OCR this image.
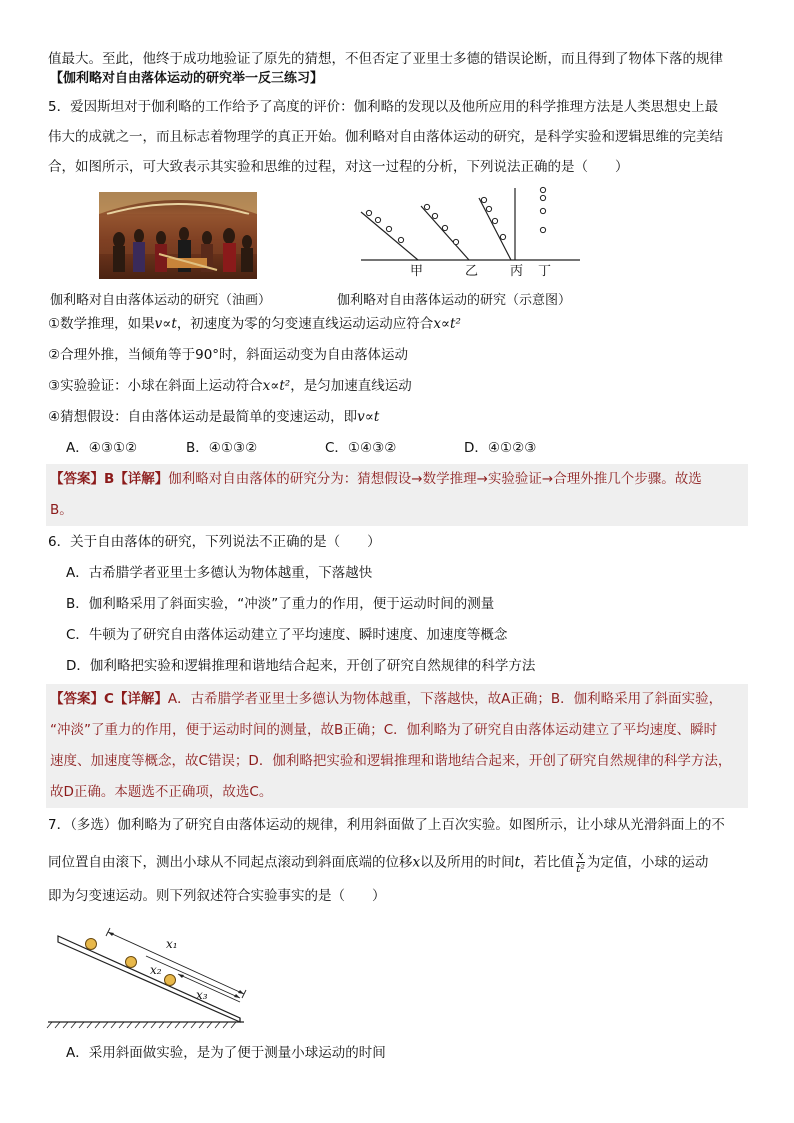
值最大。至此，他终于成功地验证了原先的猜想，不但否定了亚里士多德的错误论断，而且得到了物体下落的规律
【伽利略对自由落体运动的研究举一反三练习】
5．爱因斯坦对于伽利略的工作给予了高度的评价：伽利略的发现以及他所应用的科学推理方法是人类思想史上最
伟大的成就之一，而且标志着物理学的真正开始。伽利略对自由落体运动的研究，是科学实验和逻辑思维的完美结
合，如图所示，可大致表示其实验和思维的过程，对这一过程的分析，下列说法正确的是（　　）
甲	乙 丙 丁
伽利略对自由落体运动的研究（油画）	伽利略对自由落体运动的研究（示意图）
①数学推理，如果v∝t，初速度为零的匀变速直线运动运动应符合x∝t²
②合理外推，当倾角等于90°时，斜面运动变为自由落体运动
③实验验证：小球在斜面上运动符合x∝t²，是匀加速直线运动
④猜想假设：自由落体运动是最简单的变速运动，即v∝t
A．④③①②	B．④①③②	C．①④③②	D．④①②③
【答案】B【详解】伽利略对自由落体的研究分为：猜想假设→数学推理→实验验证→合理外推几个步骤。故选
B。
6．关于自由落体的研究，下列说法不正确的是（　　）
A．古希腊学者亚里士多德认为物体越重，下落越快
B．伽利略采用了斜面实验，“冲淡”了重力的作用，便于运动时间的测量
C．牛顿为了研究自由落体运动建立了平均速度、瞬时速度、加速度等概念
D．伽利略把实验和逻辑推理和谐地结合起来，开创了研究自然规律的科学方法
【答案】C【详解】A．古希腊学者亚里士多德认为物体越重，下落越快，故A正确；B．伽利略采用了斜面实验，
“冲淡”了重力的作用，便于运动时间的测量，故B正确；C．伽利略为了研究自由落体运动建立了平均速度、瞬时
速度、加速度等概念，故C错误；D．伽利略把实验和逻辑推理和谐地结合起来，开创了研究自然规律的科学方法，
故D正确。本题选不正确项，故选C。
7．（多选）伽利略为了研究自由落体运动的规律，利用斜面做了上百次实验。如图所示，让小球从光滑斜面上的不
同位置自由滚下，测出小球从不同起点滚动到斜面底端的位移x以及所用的时间t，若比值 $\frac{x}{\text{t²}}$ 为定值，小球的运动
即为匀变速运动。则下列叙述符合实验事实的是（　　）
x₁
x₂
x₃
A．采用斜面做实验，是为了便于测量小球运动的时间
